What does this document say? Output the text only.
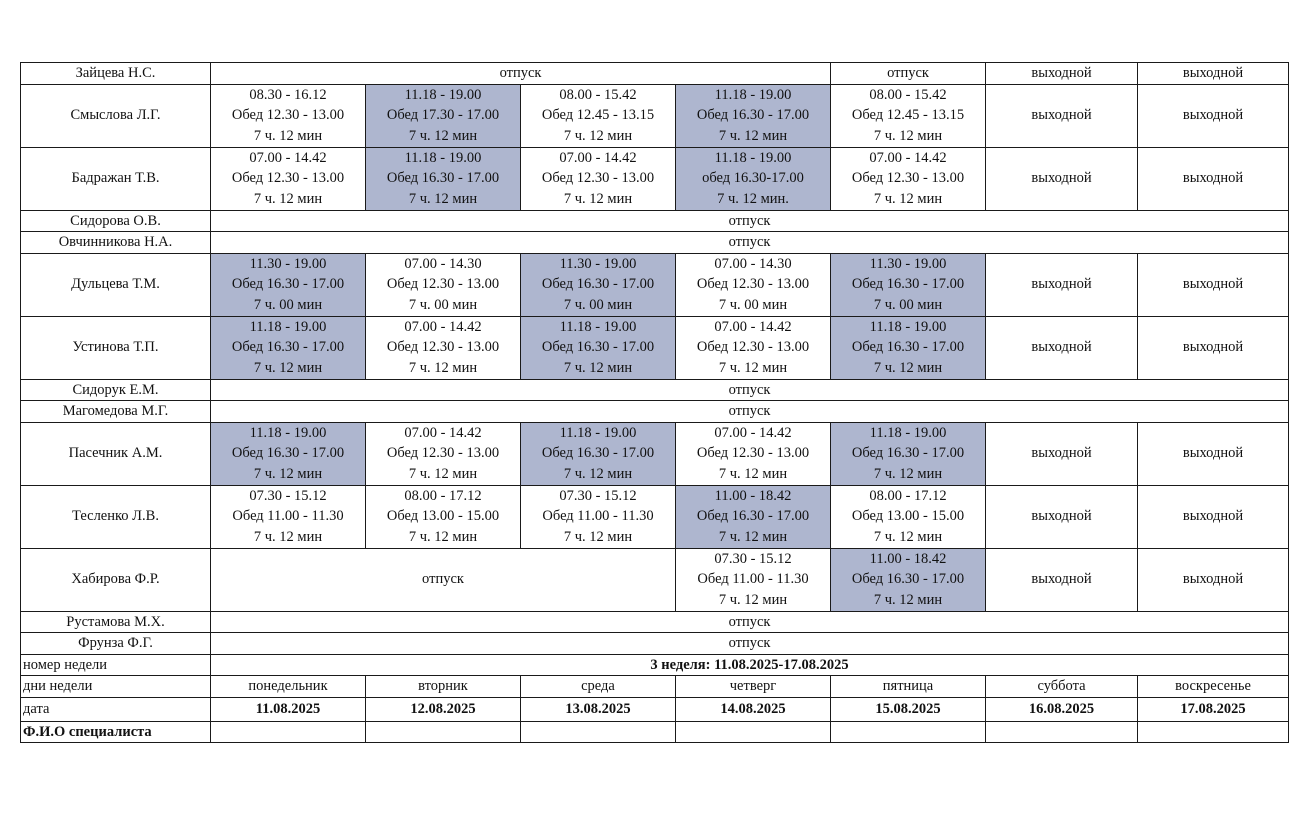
Зайцева Н.С.	отпуск				отпуск	выходной	выходной

Смыслова Л.Г.	08.30 - 16.12
Обед 12.30 - 13.00
7 ч. 12 мин	11.18 - 19.00
Обед 17.30 - 17.00
7 ч. 12 мин	08.00 - 15.42
Обед 12.45 - 13.15
7 ч. 12 мин	11.18 - 19.00
Обед 16.30 - 17.00
7 ч. 12 мин	08.00 - 15.42
Обед 12.45 - 13.15
7 ч. 12 мин	выходной	выходной

Бадражан Т.В.	07.00 - 14.42
Обед 12.30 - 13.00
7 ч. 12 мин	11.18 - 19.00
Обед 16.30 - 17.00
7 ч. 12 мин	07.00 - 14.42
Обед 12.30 - 13.00
7 ч. 12 мин	11.18 - 19.00
обед 16.30-17.00
7 ч. 12 мин.	07.00 - 14.42
Обед 12.30 - 13.00
7 ч. 12 мин	выходной	выходной

Сидорова О.В.	отпуск						

Овчинникова Н.А.	отпуск						

Дульцева Т.М.	11.30 - 19.00
Обед 16.30 - 17.00
7 ч. 00 мин	07.00 - 14.30
Обед 12.30 - 13.00
7 ч. 00 мин	11.30 - 19.00
Обед 16.30 - 17.00
7 ч. 00 мин	07.00 - 14.30
Обед 12.30 - 13.00
7 ч. 00 мин	11.30 - 19.00
Обед 16.30 - 17.00
7 ч. 00 мин	выходной	выходной

Устинова Т.П.	11.18 - 19.00
Обед 16.30 - 17.00
7 ч. 12 мин	07.00 - 14.42
Обед 12.30 - 13.00
7 ч. 12 мин	11.18 - 19.00
Обед 16.30 - 17.00
7 ч. 12 мин	07.00 - 14.42
Обед 12.30 - 13.00
7 ч. 12 мин	11.18 - 19.00
Обед 16.30 - 17.00
7 ч. 12 мин	выходной	выходной

Сидорук Е.М.	отпуск						

Магомедова М.Г.	отпуск						

Пасечник А.М.	11.18 - 19.00
Обед 16.30 - 17.00
7 ч. 12 мин	07.00 - 14.42
Обед 12.30 - 13.00
7 ч. 12 мин	11.18 - 19.00
Обед 16.30 - 17.00
7 ч. 12 мин	07.00 - 14.42
Обед 12.30 - 13.00
7 ч. 12 мин	11.18 - 19.00
Обед 16.30 - 17.00
7 ч. 12 мин	выходной	выходной

Тесленко Л.В.	07.30 - 15.12
Обед 11.00 - 11.30
7 ч. 12 мин	08.00 - 17.12
Обед 13.00 - 15.00
7 ч. 12 мин	07.30 - 15.12
Обед 11.00 - 11.30
7 ч. 12 мин	11.00 - 18.42
Обед 16.30 - 17.00
7 ч. 12 мин	08.00 - 17.12
Обед 13.00 - 15.00
7 ч. 12 мин	выходной	выходной

Хабирова Ф.Р.	отпуск			07.30 - 15.12
Обед 11.00 - 11.30
7 ч. 12 мин	11.00 - 18.42
Обед 16.30 - 17.00
7 ч. 12 мин	выходной	выходной

Рустамова М.Х.	отпуск						

Фрунза Ф.Г.	отпуск						

номер недели	3 неделя: 11.08.2025-17.08.2025						
дни недели	понедельник	вторник	среда	четверг	пятница	суббота	воскресенье
дата	11.08.2025	12.08.2025	13.08.2025	14.08.2025	15.08.2025	16.08.2025	17.08.2025
Ф.И.О специалиста							
